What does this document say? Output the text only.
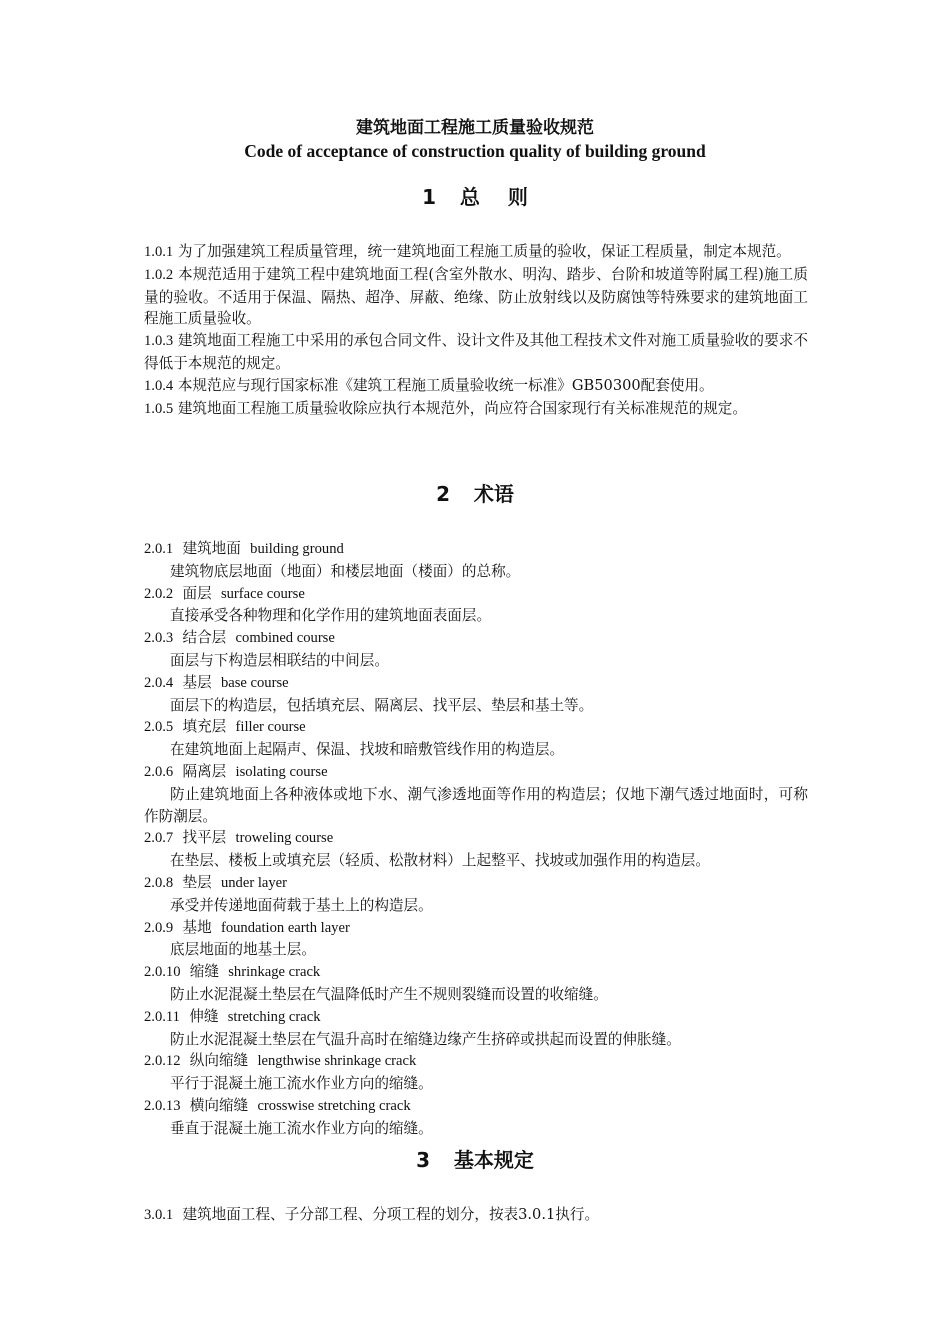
建筑地面工程施工质量验收规范
Code of acceptance of construction quality of building ground
1 总 则

1.0.1 为了加强建筑工程质量管理，统一建筑地面工程施工质量的验收，保证工程质量，制定本规范。

1.0.2 本规范适用于建筑工程中建筑地面工程(含室外散水、明沟、踏步、台阶和坡道等附属工程)施工质量的验收。不适用于保温、隔热、超净、屏蔽、绝缘、防止放射线以及防腐蚀等特殊要求的建筑地面工程施工质量验收。

1.0.3 建筑地面工程施工中采用的承包合同文件、设计文件及其他工程技术文件对施工质量验收的要求不得低于本规范的规定。

1.0.4 本规范应与现行国家标准《建筑工程施工质量验收统一标准》GB50300配套使用。

1.0.5 建筑地面工程施工质量验收除应执行本规范外，尚应符合国家现行有关标准规范的规定。

2 术语

2.0.1 建筑地面 building ground

建筑物底层地面（地面）和楼层地面（楼面）的总称。

2.0.2 面层 surface course

直接承受各种物理和化学作用的建筑地面表面层。

2.0.3 结合层 combined course

面层与下构造层相联结的中间层。

2.0.4 基层 base course

面层下的构造层，包括填充层、隔离层、找平层、垫层和基土等。

2.0.5 填充层 filler course

在建筑地面上起隔声、保温、找坡和暗敷管线作用的构造层。

2.0.6 隔离层 isolating course

防止建筑地面上各种液体或地下水、潮气渗透地面等作用的构造层；仅地下潮气透过地面时，可称作防潮层。

2.0.7 找平层 troweling course

在垫层、楼板上或填充层（轻质、松散材料）上起整平、找坡或加强作用的构造层。

2.0.8 垫层 under layer

承受并传递地面荷载于基土上的构造层。

2.0.9 基地 foundation earth layer

底层地面的地基土层。

2.0.10 缩缝 shrinkage crack

防止水泥混凝土垫层在气温降低时产生不规则裂缝而设置的收缩缝。

2.0.11 伸缝 stretching crack

防止水泥混凝土垫层在气温升高时在缩缝边缘产生挤碎或拱起而设置的伸胀缝。

2.0.12 纵向缩缝 lengthwise shrinkage crack

平行于混凝土施工流水作业方向的缩缝。

2.0.13 横向缩缝 crosswise stretching crack

垂直于混凝土施工流水作业方向的缩缝。

3 基本规定

3.0.1 建筑地面工程、子分部工程、分项工程的划分，按表3.0.1执行。
